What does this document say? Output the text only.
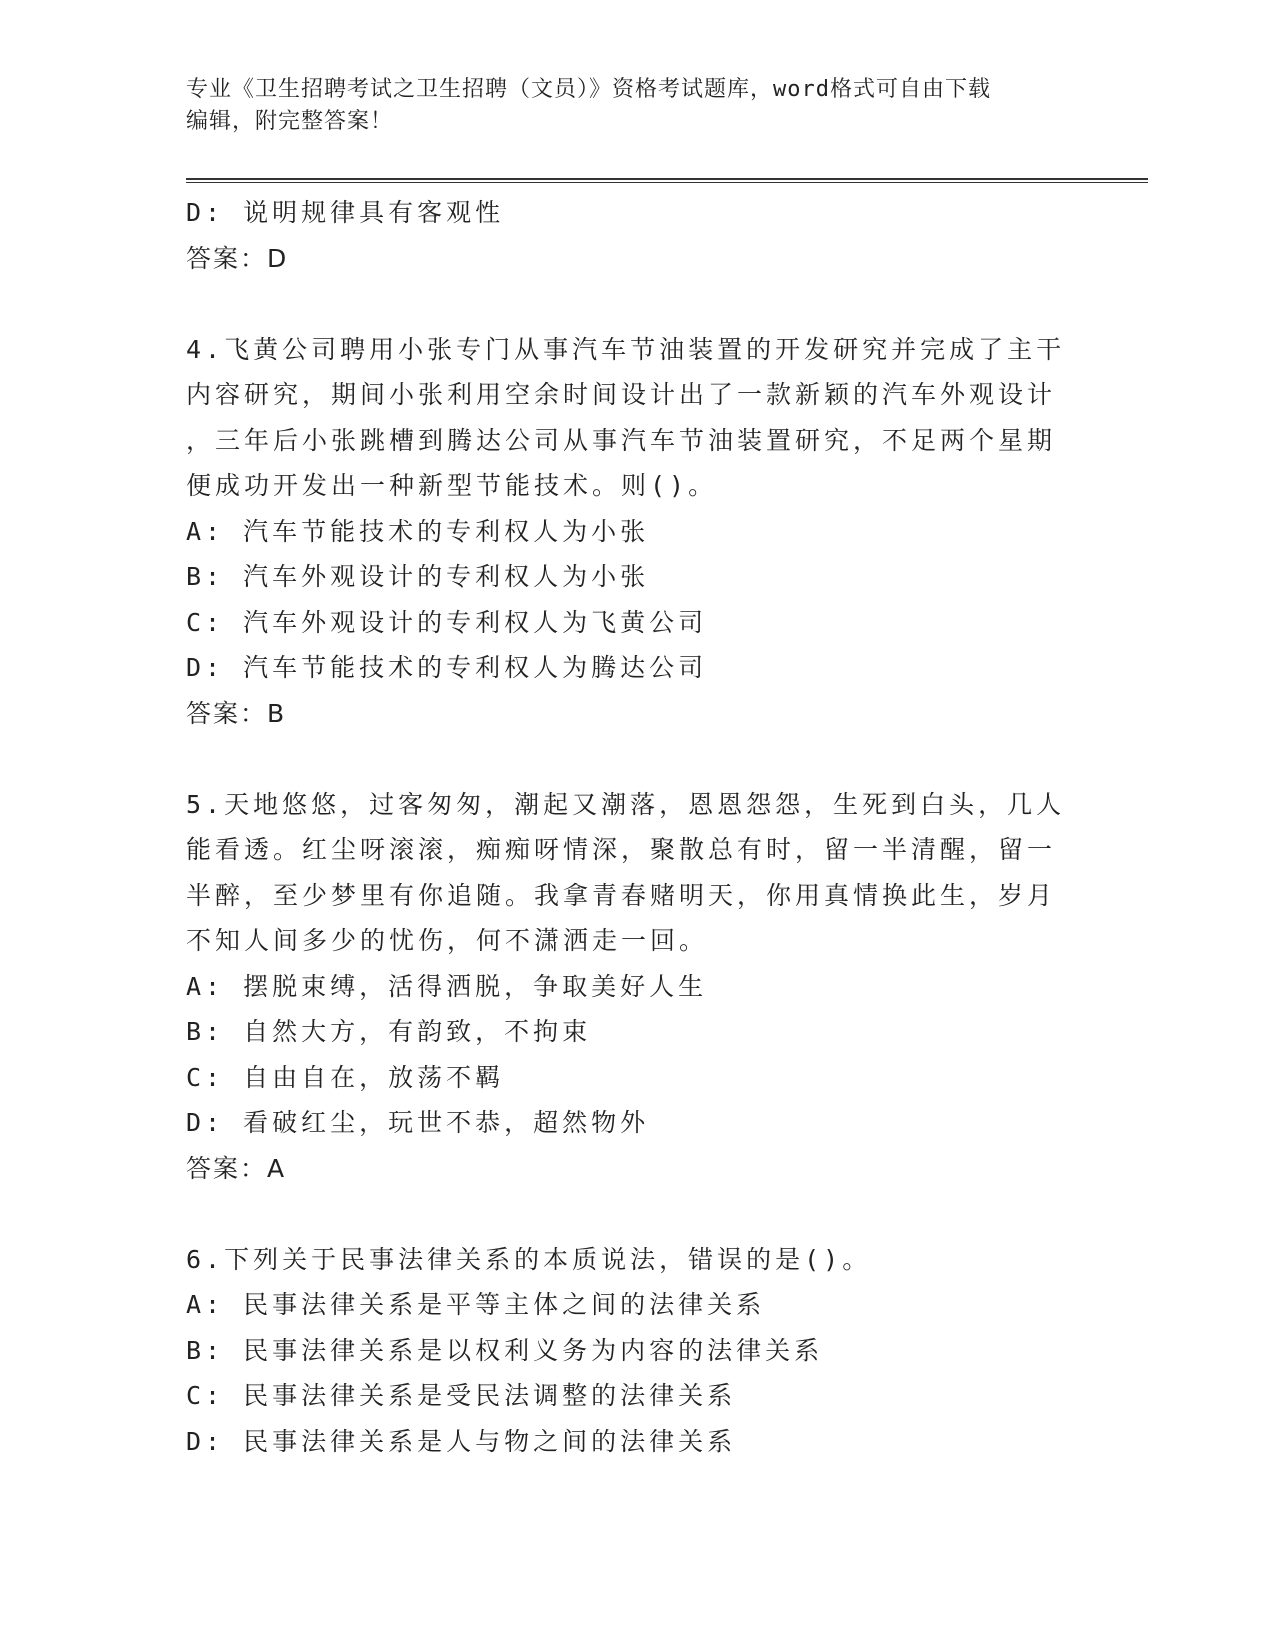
专业《卫生招聘考试之卫生招聘（文员）》资格考试题库，word格式可自由下载
编辑，附完整答案！
D: 说明规律具有客观性
答案：D
4.飞黄公司聘用小张专门从事汽车节油装置的开发研究并完成了主干
内容研究，期间小张利用空余时间设计出了一款新颖的汽车外观设计
，三年后小张跳槽到腾达公司从事汽车节油装置研究，不足两个星期
便成功开发出一种新型节能技术。则()。
A: 汽车节能技术的专利权人为小张
B: 汽车外观设计的专利权人为小张
C: 汽车外观设计的专利权人为飞黄公司
D: 汽车节能技术的专利权人为腾达公司
答案：B
5.天地悠悠，过客匆匆，潮起又潮落，恩恩怨怨，生死到白头，几人
能看透。红尘呀滚滚，痴痴呀情深，聚散总有时，留一半清醒，留一
半醉，至少梦里有你追随。我拿青春赌明天，你用真情换此生，岁月
不知人间多少的忧伤，何不潇洒走一回。
A: 摆脱束缚，活得洒脱，争取美好人生
B: 自然大方，有韵致，不拘束
C: 自由自在，放荡不羁
D: 看破红尘，玩世不恭，超然物外
答案：A
6.下列关于民事法律关系的本质说法，错误的是()。
A: 民事法律关系是平等主体之间的法律关系
B: 民事法律关系是以权利义务为内容的法律关系
C: 民事法律关系是受民法调整的法律关系
D: 民事法律关系是人与物之间的法律关系
